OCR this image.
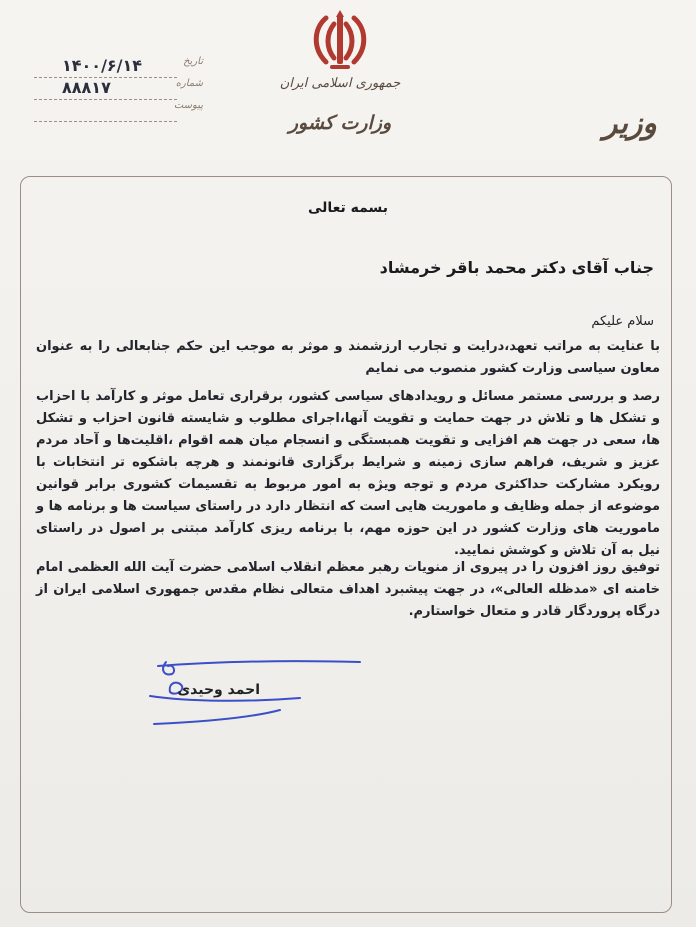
جمهوری اسلامی ایران
وزارت کشور	وزیر
تاریخ
۱۴۰۰/۶/۱۴
شماره
۸۸۸۱۷
پیوست
بسمه تعالی
جناب آقای دکتر محمد باقر خرمشاد
سلام علیکم
با عنایت به مراتب تعهد،درایت و تجارب ارزشمند و موثر به موجب این حکم جنابعالی را به عنوان معاون سیاسی وزارت کشور منصوب می نمایم
رصد و بررسی مستمر مسائل و رویدادهای سیاسی کشور، برقراری تعامل موثر و کارآمد با احزاب و تشکل ها و تلاش در جهت حمایت و تقویت آنها،اجرای مطلوب و شایسته قانون احزاب و تشکل ها، سعی در جهت هم افزایی و تقویت همبستگی و انسجام میان همه اقوام ،اقلیت‌ها و آحاد مردم عزیز و شریف، فراهم سازی زمینه و شرایط برگزاری قانونمند و هرچه باشکوه تر انتخابات با رویکرد مشارکت حداکثری مردم و توجه ویژه به امور مربوط به تقسیمات کشوری برابر قوانین موضوعه از جمله وظایف و ماموریت هایی است که انتظار دارد در راستای سیاست ها و برنامه ها و ماموریت های وزارت کشور در این حوزه مهم، با برنامه ریزی کارآمد مبتنی بر اصول در راستای نیل به آن تلاش و کوشش نمایید.
توفیق روز افزون را در پیروی از منویات رهبر معظم انقلاب اسلامی حضرت آیت الله العظمی امام خامنه ای «مدظله العالی»، در جهت پیشبرد اهداف متعالی نظام مقدس جمهوری اسلامی ایران از درگاه پروردگار قادر و متعال خواستارم.
احمد وحیدی
